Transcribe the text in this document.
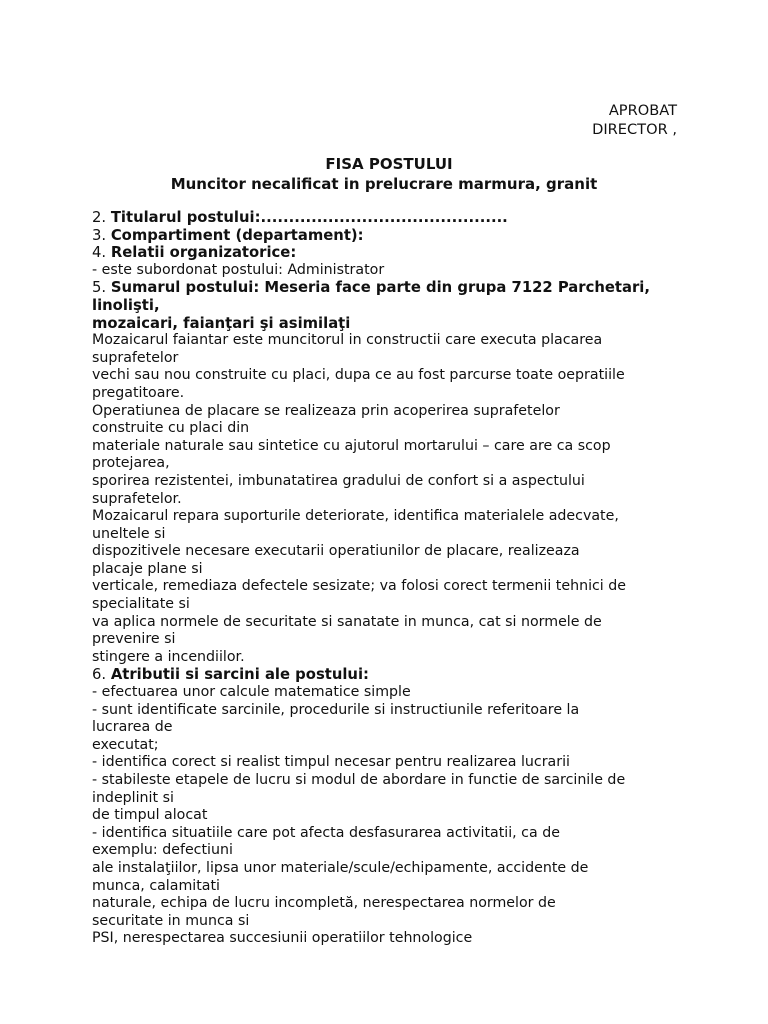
APROBAT
DIRECTOR ,
FISA POSTULUI
Muncitor necalificat in prelucrare marmura, granit
2. Titularul postului:............................................
3. Compartiment (departament):
4. Relatii organizatorice:
- este subordonat postului: Administrator
5. Sumarul postului: Meseria face parte din grupa 7122 Parchetari,
linolişti,
mozaicari, faianţari şi asimilaţi
Mozaicarul faiantar este muncitorul in constructii care executa placarea
suprafetelor
vechi sau nou construite cu placi, dupa ce au fost parcurse toate oepratiile
pregatitoare.
Operatiunea de placare se realizeaza prin acoperirea suprafetelor
construite cu placi din
materiale naturale sau sintetice cu ajutorul mortarului – care are ca scop
protejarea,
sporirea rezistentei, imbunatatirea gradului de confort si a aspectului
suprafetelor.
Mozaicarul repara suporturile deteriorate, identifica materialele adecvate,
uneltele si
dispozitivele necesare executarii operatiunilor de placare, realizeaza
placaje plane si
verticale, remediaza defectele sesizate; va folosi corect termenii tehnici de
specialitate si
va aplica normele de securitate si sanatate in munca, cat si normele de
prevenire si
stingere a incendiilor.
6. Atributii si sarcini ale postului:
- efectuarea unor calcule matematice simple
- sunt identificate sarcinile, procedurile si instructiunile referitoare la
lucrarea de
executat;
- identifica corect si realist timpul necesar pentru realizarea lucrarii
- stabileste etapele de lucru si modul de abordare in functie de sarcinile de
indeplinit si
de timpul alocat
- identifica situatiile care pot afecta desfasurarea activitatii, ca de
exemplu: defectiuni
ale instalaţiilor, lipsa unor materiale/scule/echipamente, accidente de
munca, calamitati
naturale, echipa de lucru incompletă, nerespectarea normelor de
securitate in munca si
PSI, nerespectarea succesiunii operatiilor tehnologice
